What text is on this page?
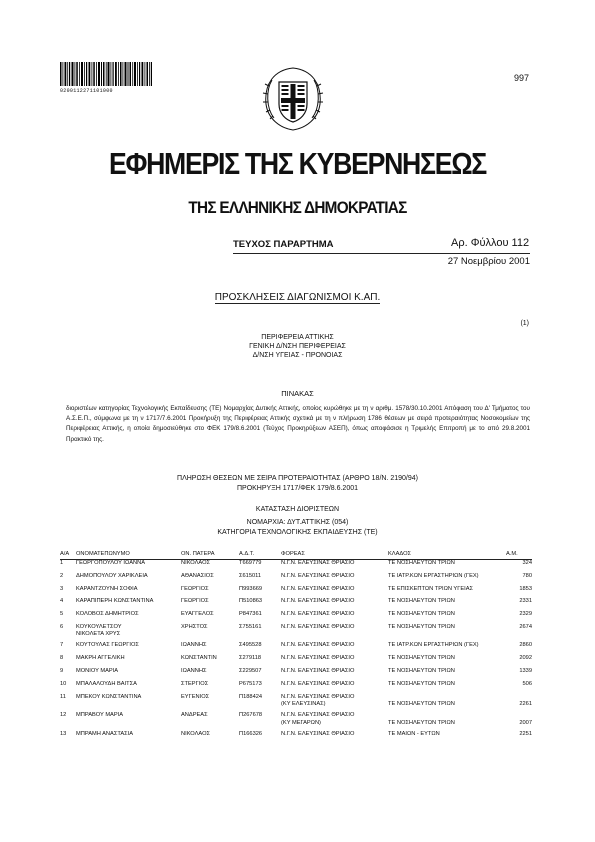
0200112271101000
997
ΕΦΗΜΕΡΙΣ ΤΗΣ ΚΥΒΕΡΝΗΣΕΩΣ
ΤΗΣ ΕΛΛΗΝΙΚΗΣ ΔΗΜΟΚΡΑΤΙΑΣ
ΤΕΥΧΟΣ ΠΑΡΑΡΤΗΜΑ	Αρ. Φύλλου 112
27 Νοεμβρίου 2001
ΠΡΟΣΚΛΗΣΕΙΣ ΔΙΑΓΩΝΙΣΜΟΙ Κ.ΑΠ.
(1)
ΠΕΡΙΦΕΡΕΙΑ ΑΤΤΙΚΗΣ
ΓΕΝΙΚΗ Δ/ΝΣΗ ΠΕΡΙΦΕΡΕΙΑΣ
Δ/ΝΣΗ ΥΓΕΙΑΣ - ΠΡΟΝΟΙΑΣ
ΠΙΝΑΚΑΣ
διοριστέων κατηγορίας Τεχνολογικής Εκπαίδευσης (ΤΕ) Νομαρχίας Δυτικής Αττικής, οποίος κυρώθηκε με τη ν αριθμ. 1578/30.10.2001 Απόφαση του Δ' Τμήματος του Α.Σ.Ε.Π., σύμφωνα με τη ν 1717/7.6.2001 Προκήρυξη της Περιφέρειας Αττικής σχετικά με τη ν πλήρωση 1786 θέσεων με σειρά προτεραιότητας Νοσοκομείων της Περιφέρειας Αττικής, η οποία δημοσιεύθηκε στο ΦΕΚ 179/8.6.2001 (Τεύχος Προκηρύξεων ΑΣΕΠ), όπως αποφάσισε η Τριμελής Επιτροπή με το από 29.8.2001 Πρακτικό της.
ΠΛΗΡΩΣΗ ΘΕΣΕΩΝ ΜΕ ΣΕΙΡΑ ΠΡΟΤΕΡΑΙΟΤΗΤΑΣ (ΑΡΘΡΟ 18/Ν. 2190/94)
ΠΡΟΚΗΡΥΞΗ 1717/ΦΕΚ 179/8.6.2001
ΚΑΤΑΣΤΑΣΗ ΔΙΟΡΙΣΤΕΩΝ
ΝΟΜΑΡΧΙΑ: ΔΥΤ.ΑΤΤΙΚΗΣ (054)
ΚΑΤΗΓΟΡΙΑ ΤΕΧΝΟΛΟΓΙΚΗΣ ΕΚΠΑΙΔΕΥΣΗΣ (ΤΕ)
Α/Α	ΟΝΟΜΑΤΕΠΩΝΥΜΟ	ΟΝ. ΠΑΤΕΡΑ	Α.Δ.Τ.	ΦΟΡΕΑΣ	ΚΛΑΔΟΣ	Α.Μ.
1	ΓΕΩΡΓΟΠΟΥΛΟΥ ΙΩΑΝΝΑ	ΝΙΚΟΛΑΟΣ	Τ669779	Ν.Γ.Ν. ΕΛΕΥΣΙΝΑΣ ΘΡΙΑΣΙΟ	ΤΕ ΝΟΣΗΛΕΥΤΩΝ ΤΡΙΩΝ	324

2	ΔΗΜΟΠΟΥΛΟΥ ΧΑΡΙΚΛΕΙΑ	ΑΘΑΝΑΣΙΟΣ	Σ615011	Ν.Γ.Ν. ΕΛΕΥΣΙΝΑΣ ΘΡΙΑΣΙΟ	ΤΕ ΙΑΤΡ.ΚΩΝ ΕΡΓΑΣΤΗΡΙΩΝ (ΓΕΧ)	780

3	ΚΑΡΑΝΤΖΟΥΝΗ ΣΟΦΙΑ	ΓΕΩΡΓΙΟΣ	Π993669	Ν.Γ.Ν. ΕΛΕΥΣΙΝΑΣ ΘΡΙΑΣΙΟ	ΤΕ ΕΠΙΣΚΕΠΤΩΝ ΤΡΙΩΝ ΥΓΕΙΑΣ	1853

4	ΚΑΡΑΠΙΠΕΡΗ ΚΩΝΣΤΑΝΤΙΝΑ	ΓΕΩΡΓΙΟΣ	Π510863	Ν.Γ.Ν. ΕΛΕΥΣΙΝΑΣ ΘΡΙΑΣΙΟ	ΤΕ ΝΟΣΗΛΕΥΤΩΝ ΤΡΙΩΝ	2331

5	ΚΟΛΟΒΟΣ ΔΗΜΗΤΡΙΟΣ	ΕΥΑΓΓΕΛΟΣ	Ρ847361	Ν.Γ.Ν. ΕΛΕΥΣΙΝΑΣ ΘΡΙΑΣΙΟ	ΤΕ ΝΟΣΗΛΕΥΤΩΝ ΤΡΙΩΝ	2329

6	ΚΟΥΚΟΥΛΕΤΣΟΥ
ΝΙΚΟΛΕΤΑ ΧΡΥΣ	ΧΡΗΣΤΟΣ	Σ755161	Ν.Γ.Ν. ΕΛΕΥΣΙΝΑΣ ΘΡΙΑΣΙΟ	ΤΕ ΝΟΣΗΛΕΥΤΩΝ ΤΡΙΩΝ	2674

7	ΚΟΥΤΟΥΛΑΣ ΓΕΩΡΓΙΟΣ	ΙΩΑΝΝΗΣ	Σ495528	Ν.Γ.Ν. ΕΛΕΥΣΙΝΑΣ ΘΡΙΑΣΙΟ	ΤΕ ΙΑΤΡ.ΚΩΝ ΕΡΓΑΣΤΗΡΙΩΝ (ΓΕΧ)	2860

8	ΜΑΚΡΗ ΑΓΓΕΛΙΚΗ	ΚΩΝΣΤΑΝΤΙΝ	Σ279118	Ν.Γ.Ν. ΕΛΕΥΣΙΝΑΣ ΘΡΙΑΣΙΟ	ΤΕ ΝΟΣΗΛΕΥΤΩΝ ΤΡΙΩΝ	2092

9	ΜΟΝΙΟΥ ΜΑΡΙΑ	ΙΩΑΝΝΗΣ	Σ229507	Ν.Γ.Ν. ΕΛΕΥΣΙΝΑΣ ΘΡΙΑΣΙΟ	ΤΕ ΝΟΣΗΛΕΥΤΩΝ ΤΡΙΩΝ	1339

10	ΜΠΑΛΑΛΟΥΔΗ ΒΑΙΤΣΑ	ΣΤΕΡΓΙΟΣ	Ρ675173	Ν.Γ.Ν. ΕΛΕΥΣΙΝΑΣ ΘΡΙΑΣΙΟ	ΤΕ ΝΟΣΗΛΕΥΤΩΝ ΤΡΙΩΝ	506

11	ΜΠΕΚΟΥ ΚΩΝΣΤΑΝΤΙΝΑ	ΕΥΓΕΝΙΟΣ	Π188424	Ν.Γ.Ν. ΕΛΕΥΣΙΝΑΣ ΘΡΙΑΣΙΟ
(ΚΥ ΕΛΕΥΣΙΝΑΣ)	ΤΕ ΝΟΣΗΛΕΥΤΩΝ ΤΡΙΩΝ	2261

12	ΜΠΡΑΒΟΥ ΜΑΡΙΑ	ΑΝΔΡΕΑΣ	Π267678	Ν.Γ.Ν. ΕΛΕΥΣΙΝΑΣ ΘΡΙΑΣΙΟ
(ΚΥ ΜΕΓΑΡΩΝ)	ΤΕ ΝΟΣΗΛΕΥΤΩΝ ΤΡΙΩΝ	2007

13	ΜΠΡΑΜΗ ΑΝΑΣΤΑΣΙΑ	ΝΙΚΟΛΑΟΣ	Π166326	Ν.Γ.Ν. ΕΛΕΥΣΙΝΑΣ ΘΡΙΑΣΙΟ	ΤΕ ΜΑΙΩΝ - ΕΥΤΩΝ	2251
